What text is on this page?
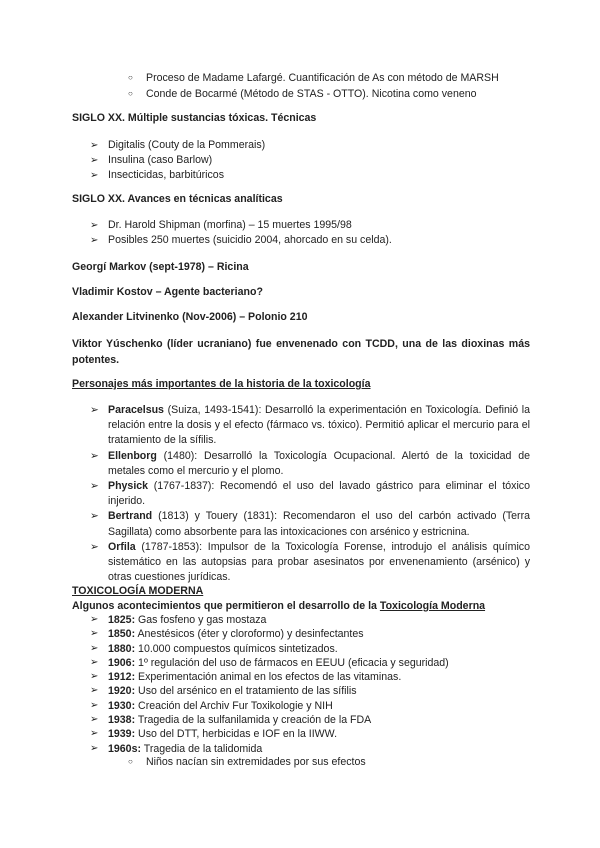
○ Proceso de Madame Lafargé. Cuantificación de As con método de MARSH
○ Conde de Bocarmé (Método de STAS - OTTO). Nicotina como veneno
SIGLO XX. Múltiple sustancias tóxicas. Técnicas
➢ Digitalis (Couty de la Pommerais)
➢ Insulina (caso Barlow)
➢ Insecticidas, barbitúricos
SIGLO XX. Avances en técnicas analíticas
➢ Dr. Harold Shipman (morfina) – 15 muertes 1995/98
➢ Posibles 250 muertes (suicidio 2004, ahorcado en su celda).
Georgí Markov (sept-1978) – Ricina
Vladimir Kostov – Agente bacteriano?
Alexander Litvinenko (Nov-2006) – Polonio 210
Viktor Yúschenko (líder ucraniano) fue envenenado con TCDD, una de las dioxinas más potentes.
Personajes más importantes de la historia de la toxicología
➢ Paracelsus (Suiza, 1493-1541): Desarrolló la experimentación en Toxicología. Definió la relación entre la dosis y el efecto (fármaco vs. tóxico). Permitió aplicar el mercurio para el tratamiento de la sífilis.
➢ Ellenborg (1480): Desarrolló la Toxicología Ocupacional. Alertó de la toxicidad de metales como el mercurio y el plomo.
➢ Physick (1767-1837): Recomendó el uso del lavado gástrico para eliminar el tóxico injerido.
➢ Bertrand (1813) y Touery (1831): Recomendaron el uso del carbón activado (Terra Sagillata) como absorbente para las intoxicaciones con arsénico y estricnina.
➢ Orfila (1787-1853): Impulsor de la Toxicología Forense, introdujo el análisis químico sistemático en las autopsias para probar asesinatos por envenenamiento (arsénico) y otras cuestiones jurídicas.
TOXICOLOGÍA MODERNA
Algunos acontecimientos que permitieron el desarrollo de la Toxicología Moderna
➢ 1825: Gas fosfeno y gas mostaza
➢ 1850: Anestésicos (éter y cloroformo) y desinfectantes
➢ 1880: 10.000 compuestos químicos sintetizados.
➢ 1906: 1º regulación del uso de fármacos en EEUU (eficacia y seguridad)
➢ 1912: Experimentación animal en los efectos de las vitaminas.
➢ 1920: Uso del arsénico en el tratamiento de las sífilis
➢ 1930: Creación del Archiv Fur Toxikologie y NIH
➢ 1938: Tragedia de la sulfanilamida y creación de la FDA
➢ 1939: Uso del DTT, herbicidas e IOF en la IIWW.
➢ 1960s: Tragedia de la talidomida
○ Niños nacían sin extremidades por sus efectos
